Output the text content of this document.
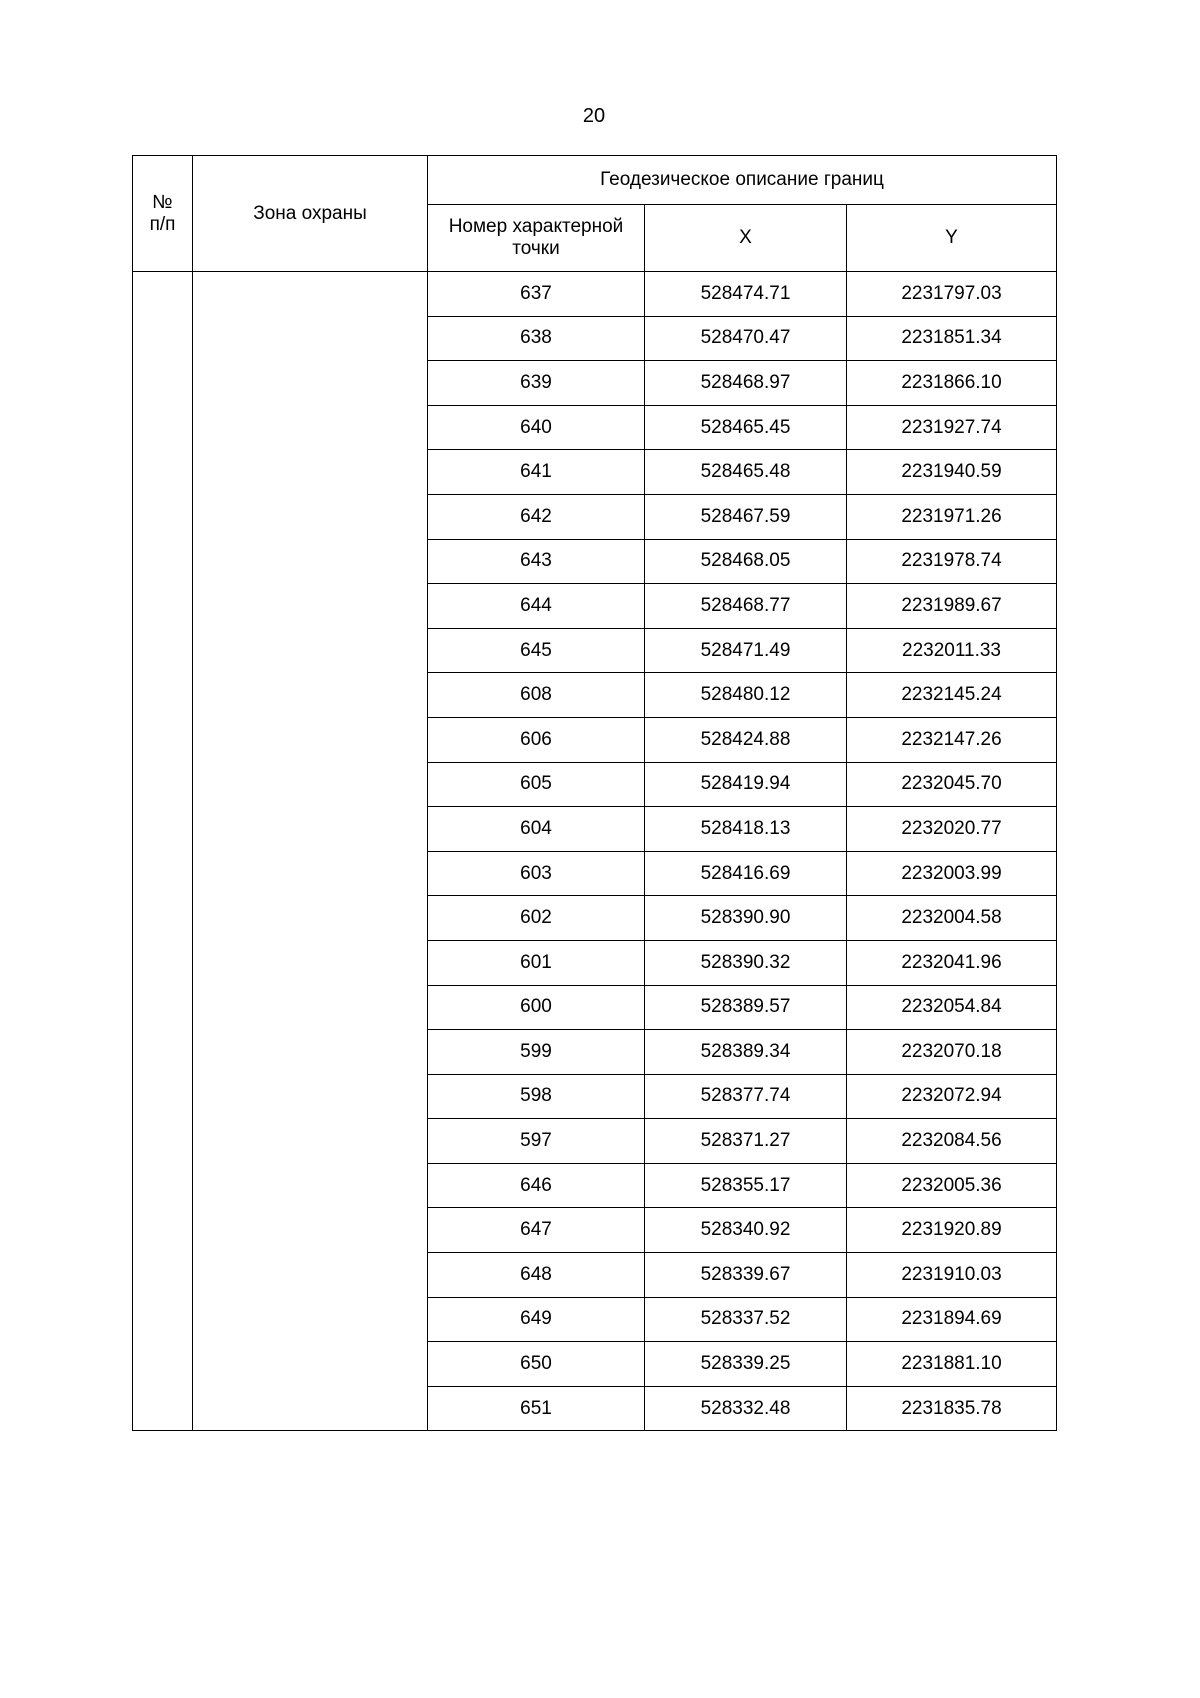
20
№ п/п	Зона охраны	Геодезическое описание границ		
		Номер характерной точки	X	Y
		637	528474.71	2231797.03
		638	528470.47	2231851.34
		639	528468.97	2231866.10
		640	528465.45	2231927.74
		641	528465.48	2231940.59
		642	528467.59	2231971.26
		643	528468.05	2231978.74
		644	528468.77	2231989.67
		645	528471.49	2232011.33
		608	528480.12	2232145.24
		606	528424.88	2232147.26
		605	528419.94	2232045.70
		604	528418.13	2232020.77
		603	528416.69	2232003.99
		602	528390.90	2232004.58
		601	528390.32	2232041.96
		600	528389.57	2232054.84
		599	528389.34	2232070.18
		598	528377.74	2232072.94
		597	528371.27	2232084.56
		646	528355.17	2232005.36
		647	528340.92	2231920.89
		648	528339.67	2231910.03
		649	528337.52	2231894.69
		650	528339.25	2231881.10
		651	528332.48	2231835.78
